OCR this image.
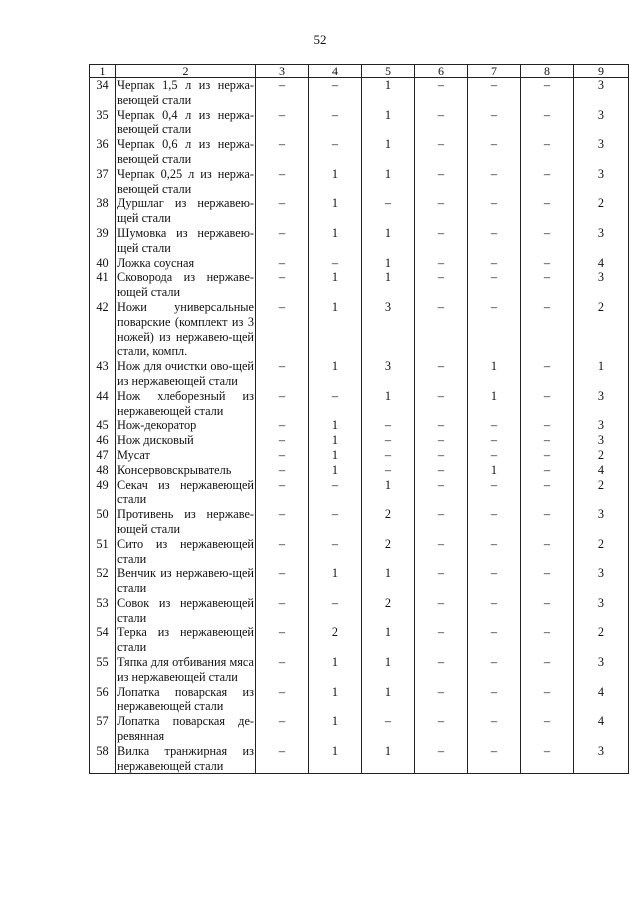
52
1	2	3	4	5	6	7	8	9
34	Черпак 1,5 л из нержа-веющей стали	–	–	1	–	–	–	3
35	Черпак 0,4 л из нержа-веющей стали	–	–	1	–	–	–	3
36	Черпак 0,6 л из нержа-веющей стали	–	–	1	–	–	–	3
37	Черпак 0,25 л из нержа-веющей стали	–	1	1	–	–	–	3
38	Дуршлаг из нержавею-щей стали	–	1	–	–	–	–	2
39	Шумовка из нержавею-щей стали	–	1	1	–	–	–	3
40	Ложка соусная	–	–	1	–	–	–	4
41	Сковорода из нержаве-ющей стали	–	1	1	–	–	–	3
42	Ножи универсальные поварские (комплект из 3 ножей) из нержавею-щей стали, компл.	–	1	3	–	–	–	2
43	Нож для очистки ово-щей из нержавеющей стали	–	1	3	–	1	–	1
44	Нож хлеборезный из нержавеющей стали	–	–	1	–	1	–	3
45	Нож-декоратор	–	1	–	–	–	–	3
46	Нож дисковый	–	1	–	–	–	–	3
47	Мусат	–	1	–	–	–	–	2
48	Консервовскрыватель	–	1	–	–	1	–	4
49	Секач из нержавеющей стали	–	–	1	–	–	–	2
50	Противень из нержаве-ющей стали	–	–	2	–	–	–	3
51	Сито из нержавеющей стали	–	–	2	–	–	–	2
52	Венчик из нержавею-щей стали	–	1	1	–	–	–	3
53	Совок из нержавеющей стали	–	–	2	–	–	–	3
54	Терка из нержавеющей стали	–	2	1	–	–	–	2
55	Тяпка для отбивания мяса из нержавеющей стали	–	1	1	–	–	–	3
56	Лопатка поварская из нержавеющей стали	–	1	1	–	–	–	4
57	Лопатка поварская де-ревянная	–	1	–	–	–	–	4
58	Вилка транжирная из нержавеющей стали	–	1	1	–	–	–	3
